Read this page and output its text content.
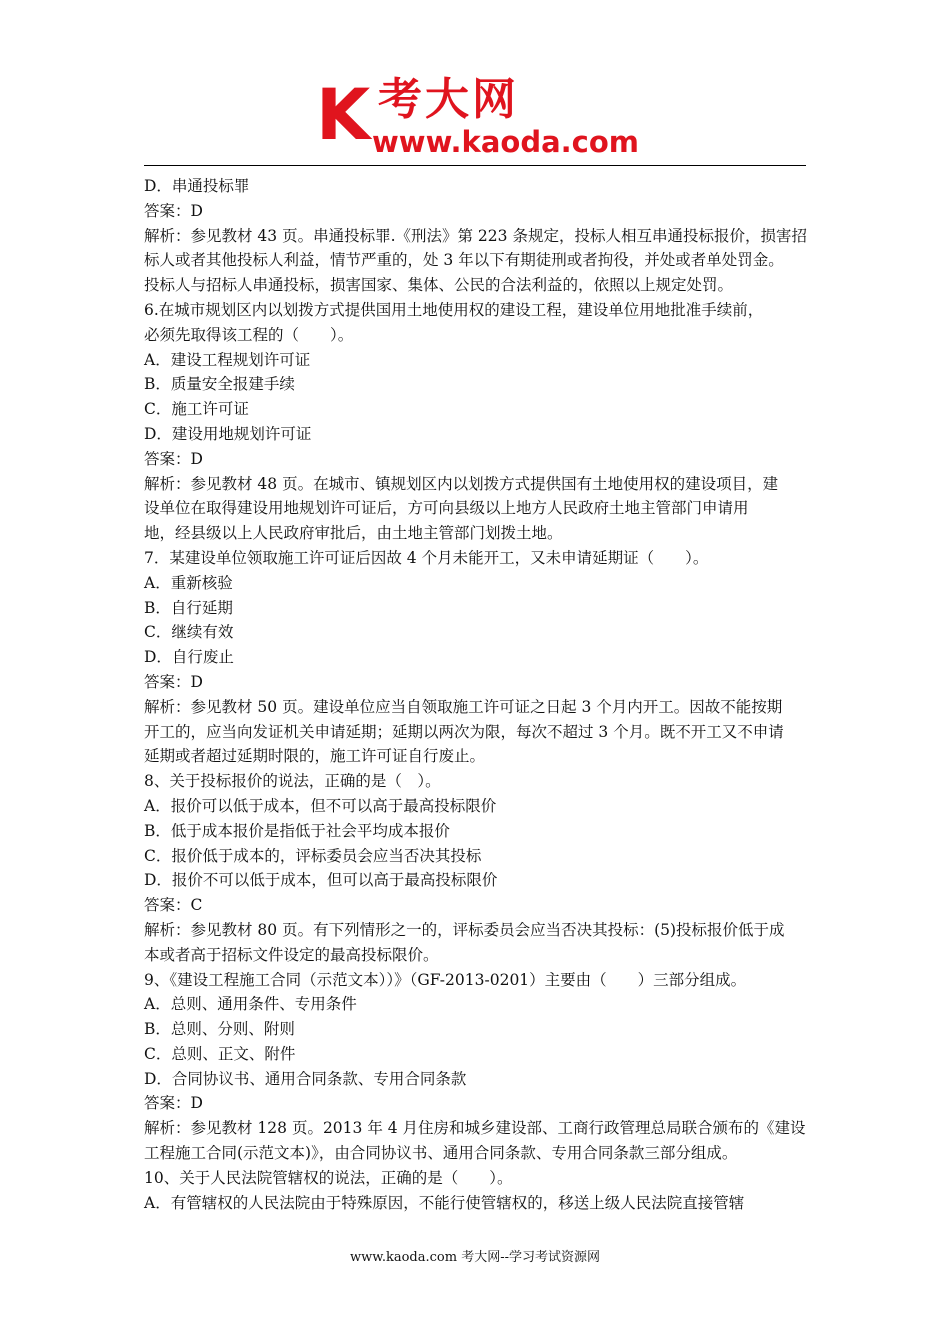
K 考大网
www.kaoda.com
D．串通投标罪
答案：D
解析：参见教材 43 页。串通投标罪.《刑法》第 223 条规定，投标人相互串通投标报价，损害招
标人或者其他投标人利益，情节严重的，处 3 年以下有期徒刑或者拘役，并处或者单处罚金。
投标人与招标人串通投标，损害国家、集体、公民的合法利益的，依照以上规定处罚。
6.在城市规划区内以划拨方式提供国用土地使用权的建设工程，建设单位用地批准手续前，
必须先取得该工程的（　　）。
A．建设工程规划许可证
B．质量安全报建手续
C．施工许可证
D．建设用地规划许可证
答案：D
解析：参见教材 48 页。在城市、镇规划区内以划拨方式提供国有土地使用权的建设项目，建
设单位在取得建设用地规划许可证后，方可向县级以上地方人民政府土地主管部门申请用
地，经县级以上人民政府审批后，由土地主管部门划拨土地。
7．某建设单位领取施工许可证后因故 4 个月未能开工，又未申请延期证（　　）。
A．重新核验
B．自行延期
C．继续有效
D．自行废止
答案：D
解析：参见教材 50 页。建设单位应当自领取施工许可证之日起 3 个月内开工。因故不能按期
开工的，应当向发证机关申请延期；延期以两次为限，每次不超过 3 个月。既不开工又不申请
延期或者超过延期时限的，施工许可证自行废止。
8、关于投标报价的说法，正确的是（　）。
A．报价可以低于成本，但不可以高于最高投标限价
B．低于成本报价是指低于社会平均成本报价
C．报价低于成本的，评标委员会应当否决其投标
D．报价不可以低于成本，但可以高于最高投标限价
答案：C
解析：参见教材 80 页。有下列情形之一的，评标委员会应当否决其投标：(5)投标报价低于成
本或者高于招标文件设定的最高投标限价。
9、《建设工程施工合同（示范文本））》（GF-2013-0201）主要由（　　）三部分组成。
A．总则、通用条件、专用条件
B．总则、分则、附则
C．总则、正文、附件
D．合同协议书、通用合同条款、专用合同条款
答案：D
解析：参见教材 128 页。2013 年 4 月住房和城乡建设部、工商行政管理总局联合颁布的《建设
工程施工合同(示范文本)》，由合同协议书、通用合同条款、专用合同条款三部分组成。
10、关于人民法院管辖权的说法，正确的是（　　）。
A．有管辖权的人民法院由于特殊原因，不能行使管辖权的，移送上级人民法院直接管辖
www.kaoda.com 考大网--学习考试资源网
